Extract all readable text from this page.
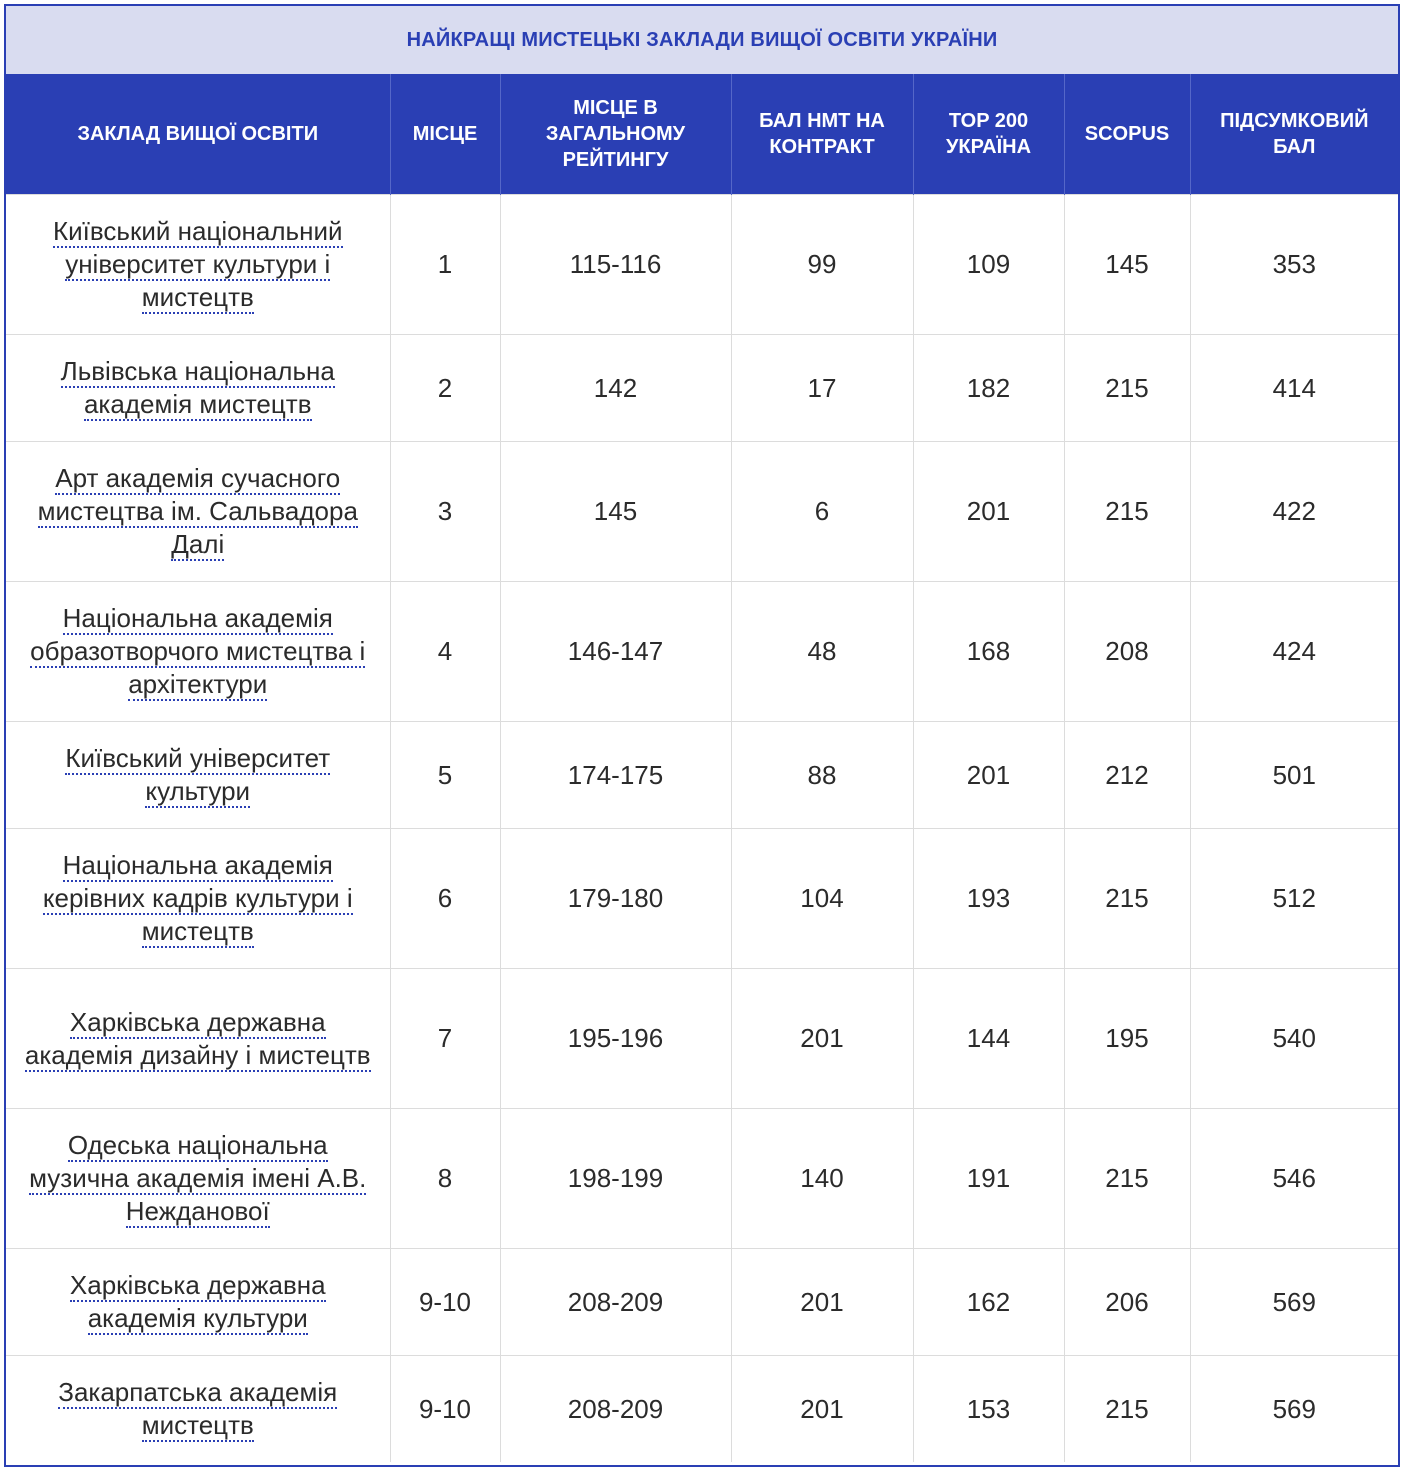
НАЙКРАЩІ МИСТЕЦЬКІ ЗАКЛАДИ ВИЩОЇ ОСВІТИ УКРАЇНИ						
ЗАКЛАД ВИЩОЇ ОСВІТИ	МІСЦЕ	МІСЦЕ В ЗАГАЛЬНОМУ РЕЙТИНГУ	БАЛ НМТ НА КОНТРАКТ	TOP 200 УКРАЇНА	SCOPUS	ПІДСУМКОВИЙ БАЛ
Київський національний університет культури і мистецтв	1	115-116	99	109	145	353
Львівська національна академія мистецтв	2	142	17	182	215	414
Арт академія сучасного мистецтва ім. Сальвадора Далі	3	145	6	201	215	422
Національна академія образотворчого мистецтва і архітектури	4	146-147	48	168	208	424
Київський університет культури	5	174-175	88	201	212	501
Національна академія керівних кадрів культури і мистецтв	6	179-180	104	193	215	512
Харківська державна академія дизайну і мистецтв	7	195-196	201	144	195	540
Одеська національна музична академія імені А.В. Нежданової	8	198-199	140	191	215	546
Харківська державна академія культури	9-10	208-209	201	162	206	569
Закарпатська академія мистецтв	9-10	208-209	201	153	215	569
